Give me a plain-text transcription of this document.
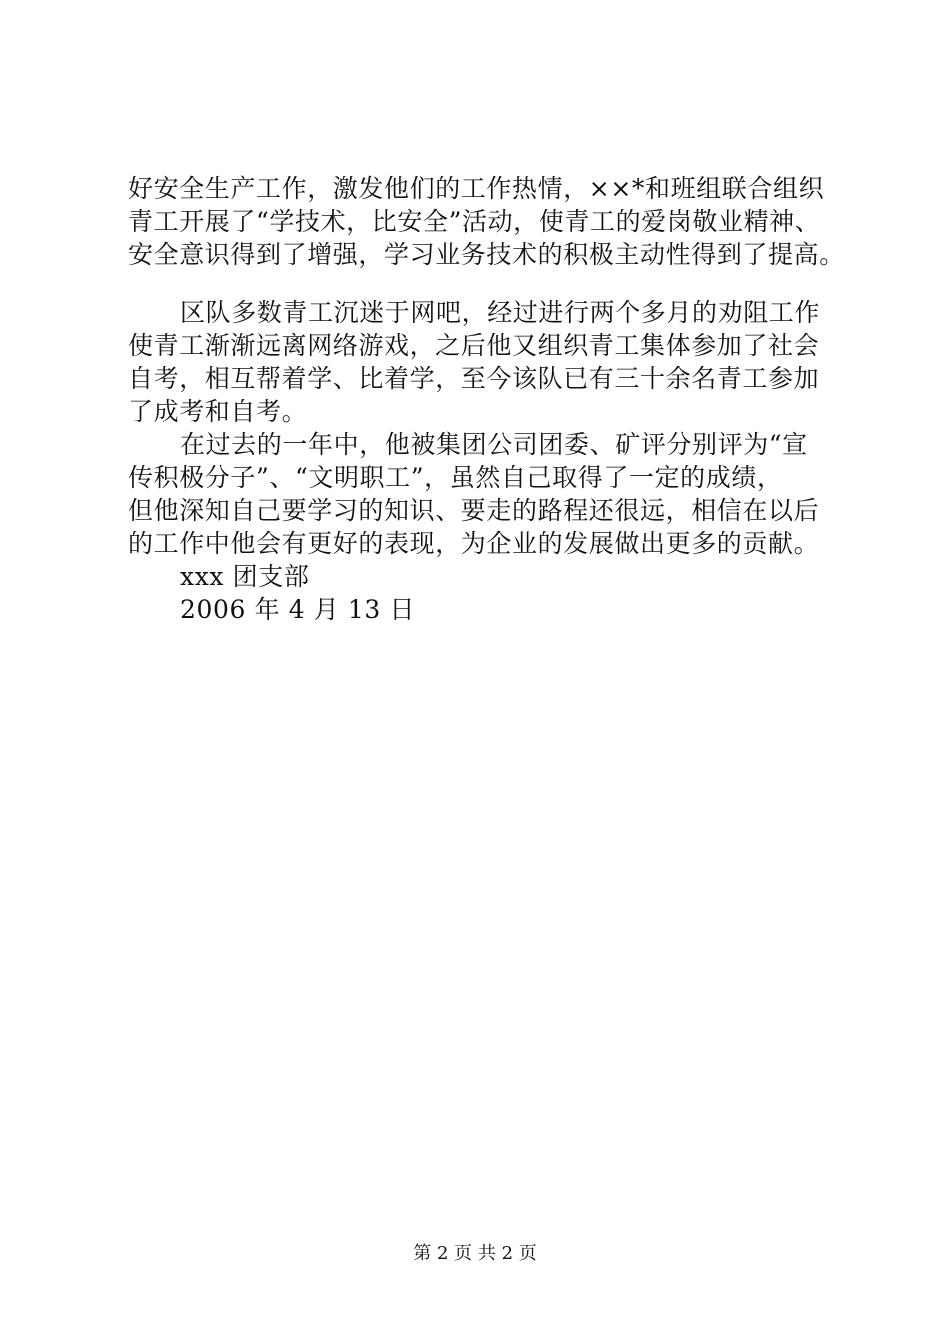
好安全生产工作，激发他们的工作热情，××*和班组联合组织
青工开展了“学技术，比安全”活动，使青工的爱岗敬业精神、
安全意识得到了增强，学习业务技术的积极主动性得到了提高。
区队多数青工沉迷于网吧，经过进行两个多月的劝阻工作
使青工渐渐远离网络游戏，之后他又组织青工集体参加了社会
自考，相互帮着学、比着学，至今该队已有三十余名青工参加
了成考和自考。
在过去的一年中，他被集团公司团委、矿评分别评为“宣
传积极分子”、“文明职工”，虽然自己取得了一定的成绩，
但他深知自己要学习的知识、要走的路程还很远，相信在以后
的工作中他会有更好的表现，为企业的发展做出更多的贡献。
xxx 团支部
2006 年 4 月 13 日
第 2 页 共 2 页
